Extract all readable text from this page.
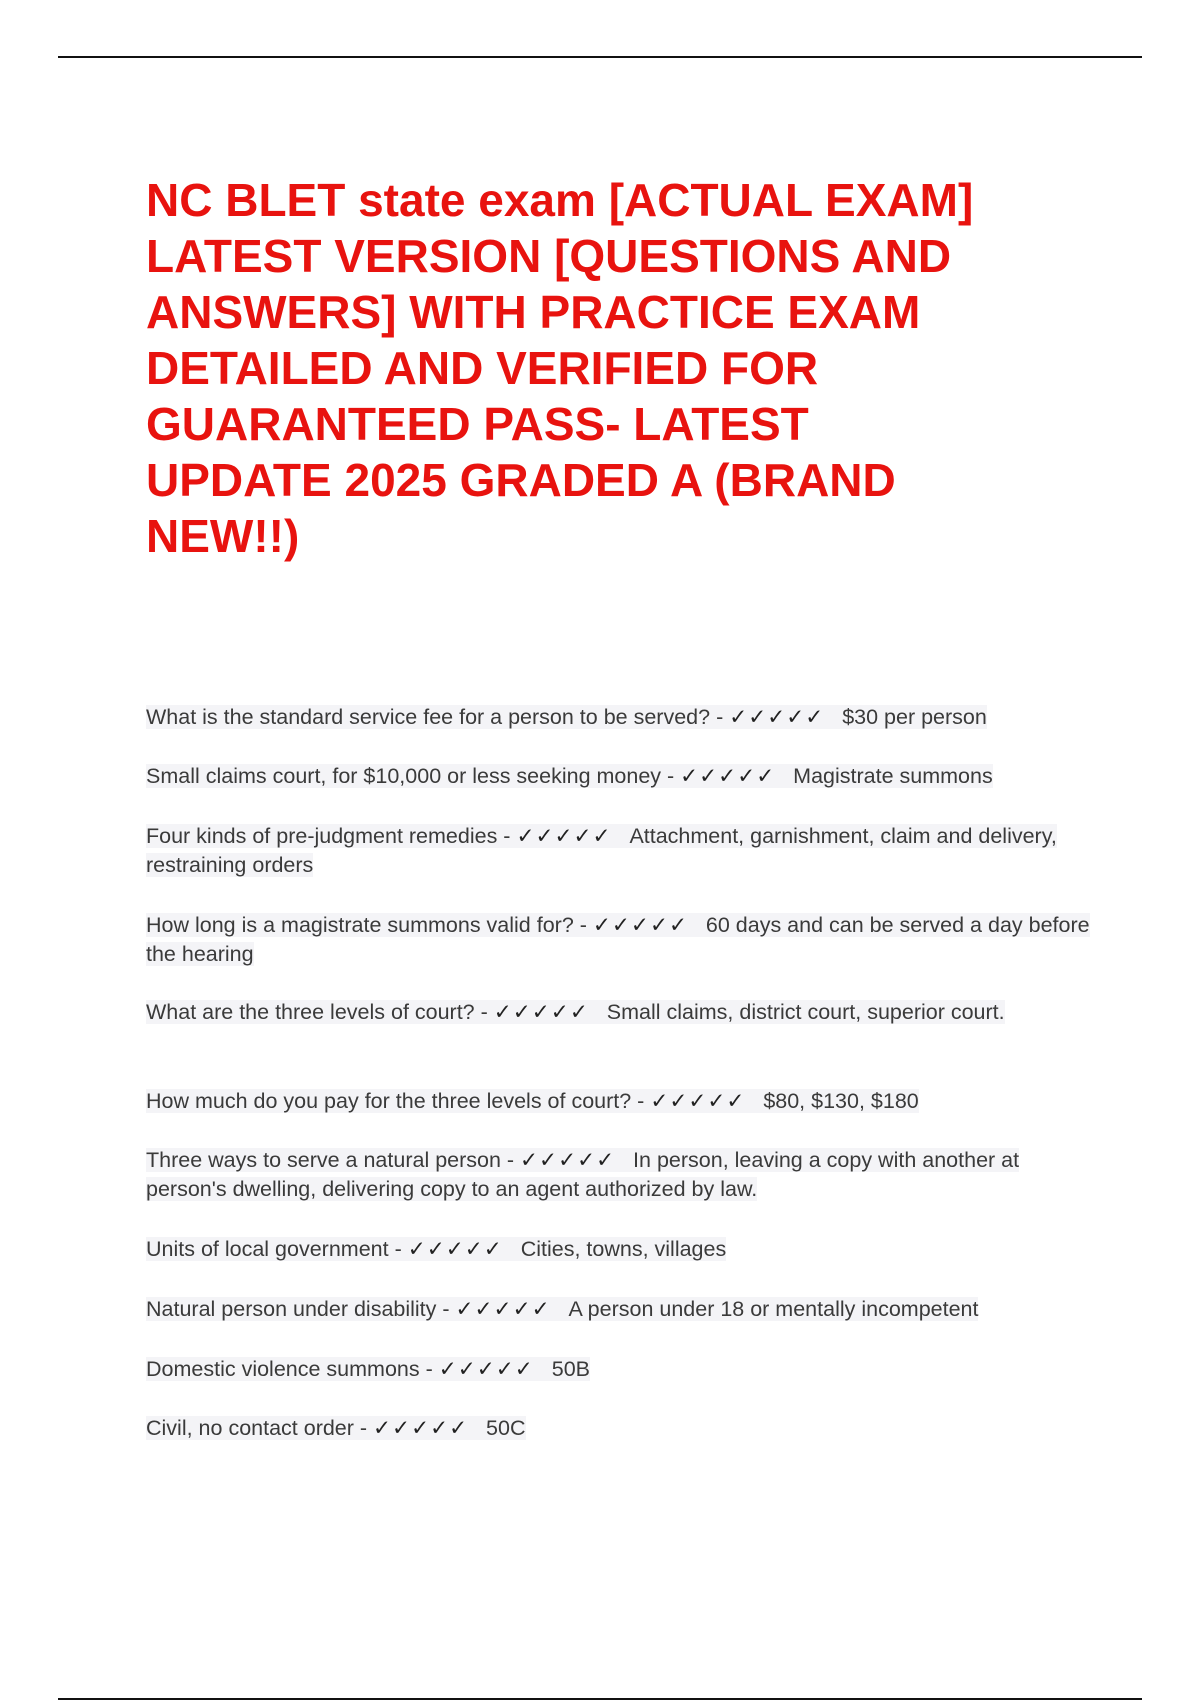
NC BLET state exam [ACTUAL EXAM]
LATEST VERSION [QUESTIONS AND
ANSWERS] WITH PRACTICE EXAM
DETAILED AND VERIFIED FOR
GUARANTEED PASS- LATEST
UPDATE 2025 GRADED A (BRAND
NEW!!)
What is the standard service fee for a person to be served? - ✓✓✓✓✓ $30 per person
Small claims court, for $10,000 or less seeking money - ✓✓✓✓✓ Magistrate summons
Four kinds of pre-judgment remedies - ✓✓✓✓✓ Attachment, garnishment, claim and delivery, restraining orders
How long is a magistrate summons valid for? - ✓✓✓✓✓ 60 days and can be served a day before the hearing
What are the three levels of court? - ✓✓✓✓✓ Small claims, district court, superior court.
How much do you pay for the three levels of court? - ✓✓✓✓✓ $80, $130, $180
Three ways to serve a natural person - ✓✓✓✓✓ In person, leaving a copy with another at person's dwelling, delivering copy to an agent authorized by law.
Units of local government - ✓✓✓✓✓ Cities, towns, villages
Natural person under disability - ✓✓✓✓✓ A person under 18 or mentally incompetent
Domestic violence summons - ✓✓✓✓✓ 50B
Civil, no contact order - ✓✓✓✓✓ 50C
